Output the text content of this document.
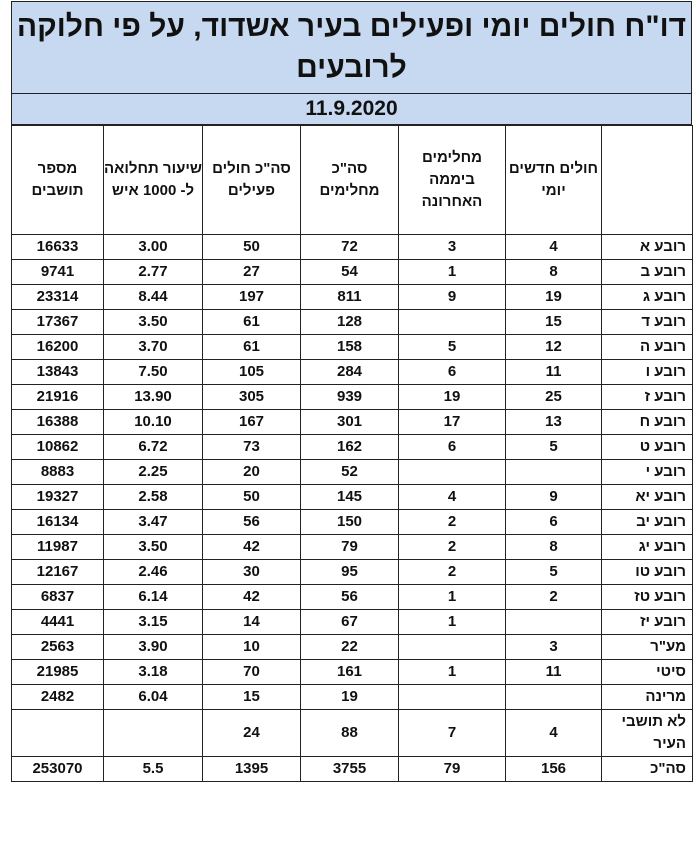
דו"ח חולים יומי ופעילים בעיר אשדוד, על פי חלוקה לרובעים
11.9.2020
	חולים חדשים יומי	מחלימים ביממה האחרונה	סה"כ מחלימים	סה"כ חולים פעילים	שיעור תחלואה ל- 1000 איש	מספר תושבים
רובע א	4	3	72	50	3.00	16633
רובע ב	8	1	54	27	2.77	9741
רובע ג	19	9	811	197	8.44	23314
רובע ד	15		128	61	3.50	17367
רובע ה	12	5	158	61	3.70	16200
רובע ו	11	6	284	105	7.50	13843
רובע ז	25	19	939	305	13.90	21916
רובע ח	13	17	301	167	10.10	16388
רובע ט	5	6	162	73	6.72	10862
רובע י			52	20	2.25	8883
רובע יא	9	4	145	50	2.58	19327
רובע יב	6	2	150	56	3.47	16134
רובע יג	8	2	79	42	3.50	11987
רובע טו	5	2	95	30	2.46	12167
רובע טז	2	1	56	42	6.14	6837
רובע יז		1	67	14	3.15	4441
מע"ר	3		22	10	3.90	2563
סיטי	11	1	161	70	3.18	21985
מרינה			19	15	6.04	2482
לא תושבי העיר	4	7	88	24		
סה"כ	156	79	3755	1395	5.5	253070
